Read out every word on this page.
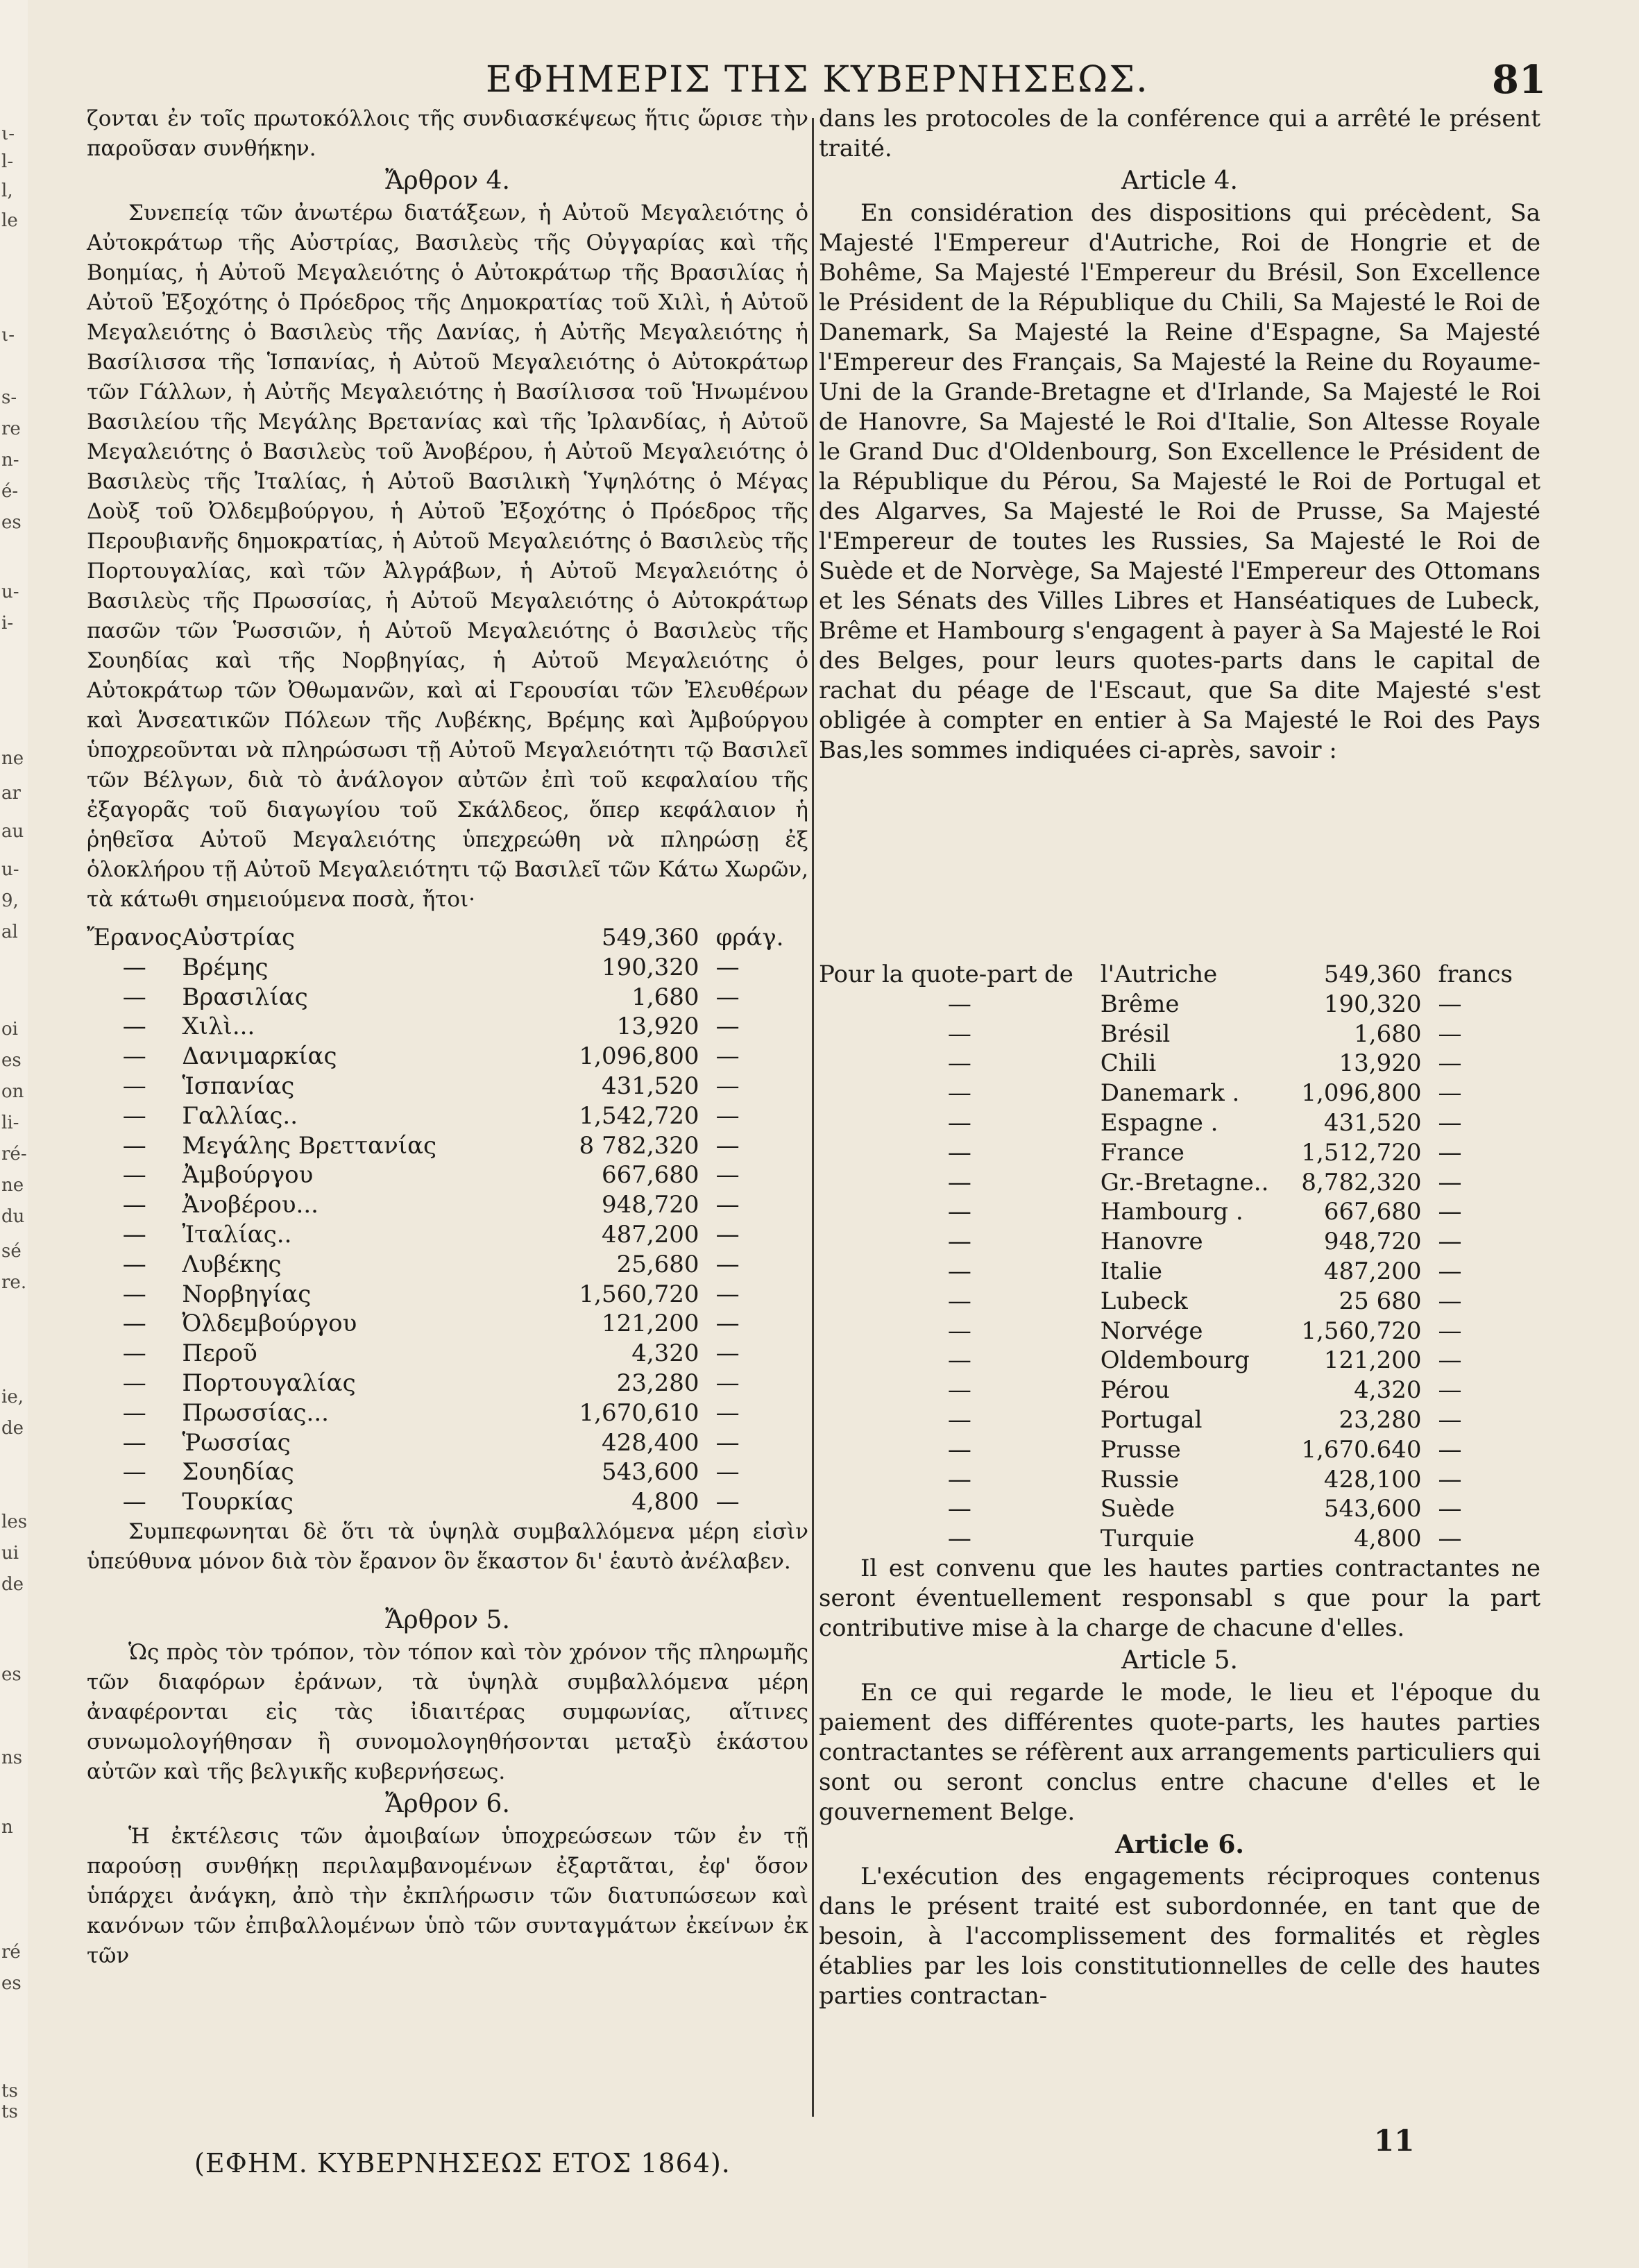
ι-
l-
l,
le
ι-
s-
re
n-
é-
es
u-
i-
ne
ar
au
u-
9,
al
oi
es
on
li-
ré-
ne
du
sé
re.
ie,
de
les
ui
de
es
ns
n
ré
es
ts
ts
ΕΦΗΜΕΡΙΣ ΤΗΣ ΚΥΒΕΡΝΗΣΕΩΣ.	81

ζονται ἐν τοῖς πρωτοκόλλοις τῆς συνδιασκέψεως ἥτις ὥρισε τὴν παροῦσαν συνθήκην.

Ἄρθρον 4.

Συνεπείᾳ τῶν ἀνωτέρω διατάξεων, ἡ Αὐτοῦ Μεγαλειότης ὁ Αὐτοκράτωρ τῆς Αὐστρίας, Βασιλεὺς τῆς Οὐγγαρίας καὶ τῆς Βοημίας, ἡ Αὐτοῦ Μεγαλειότης ὁ Αὐτοκράτωρ τῆς Βρασιλίας ἡ Αὐτοῦ Ἐξοχότης ὁ Πρόεδρος τῆς Δημοκρατίας τοῦ Χιλὶ, ἡ Αὐτοῦ Μεγαλειότης ὁ Βασιλεὺς τῆς Δανίας, ἡ Αὐτῆς Μεγαλειότης ἡ Βασίλισσα τῆς Ἱσπανίας, ἡ Αὐτοῦ Μεγαλειότης ὁ Αὐτοκράτωρ τῶν Γάλλων, ἡ Αὐτῆς Μεγαλειότης ἡ Βασίλισσα τοῦ Ἡνωμένου Βασιλείου τῆς Μεγάλης Βρετανίας καὶ τῆς Ἰρλανδίας, ἡ Αὐτοῦ Μεγαλειότης ὁ Βασιλεὺς τοῦ Ἀνοβέρου, ἡ Αὐτοῦ Μεγαλειότης ὁ Βασιλεὺς τῆς Ἰταλίας, ἡ Αὐτοῦ Βασιλικὴ Ὑψηλότης ὁ Μέγας Δοὺξ τοῦ Ὀλδεμβούργου, ἡ Αὐτοῦ Ἐξοχότης ὁ Πρόεδρος τῆς Περουβιανῆς δημοκρατίας, ἡ Αὐτοῦ Μεγαλειότης ὁ Βασιλεὺς τῆς Πορτουγαλίας, καὶ τῶν Ἀλγράβων, ἡ Αὐτοῦ Μεγαλειότης ὁ Βασιλεὺς τῆς Πρωσσίας, ἡ Αὐτοῦ Μεγαλειότης ὁ Αὐτοκράτωρ πασῶν τῶν Ῥωσσιῶν, ἡ Αὐτοῦ Μεγαλειότης ὁ Βασιλεὺς τῆς Σουηδίας καὶ τῆς Νορβηγίας, ἡ Αὐτοῦ Μεγαλειότης ὁ Αὐτοκράτωρ τῶν Ὀθωμανῶν, καὶ αἱ Γερουσίαι τῶν Ἐλευθέρων καὶ Ἁνσεατικῶν Πόλεων τῆς Λυβέκης, Βρέμης καὶ Ἀμβούργου ὑποχρεοῦνται νὰ πληρώσωσι τῇ Αὐτοῦ Μεγαλειότητι τῷ Βασιλεῖ τῶν Βέλγων, διὰ τὸ ἀνάλογον αὐτῶν ἐπὶ τοῦ κεφαλαίου τῆς ἐξαγορᾶς τοῦ διαγωγίου τοῦ Σκάλδεος, ὅπερ κεφάλαιον ἡ ῥηθεῖσα Αὐτοῦ Μεγαλειότης ὑπεχρεώθη νὰ πληρώσῃ ἐξ ὁλοκλήρου τῇ Αὐτοῦ Μεγαλειότητι τῷ Βασιλεῖ τῶν Κάτω Χωρῶν, τὰ κάτωθι σημειούμενα ποσὰ, ἤτοι·

Ἔρανος	Αὐστρίας	549,360	φράγ.
—	Βρέμης	190,320	—
—	Βρασιλίας	1,680	—
—	Χιλὶ...	13,920	—
—	Δανιμαρκίας	1,096,800	—
—	Ἱσπανίας	431,520	—
—	Γαλλίας..	1,542,720	—
—	Μεγάλης Βρεττανίας	8 782,320	—
—	Ἀμβούργου	667,680	—
—	Ἀνοβέρου...	948,720	—
—	Ἰταλίας..	487,200	—
—	Λυβέκης	25,680	—
—	Νορβηγίας	1,560,720	—
—	Ὀλδεμβούργου	121,200	—
—	Περοῦ	4,320	—
—	Πορτουγαλίας	23,280	—
—	Πρωσσίας...	1,670,610	—
—	Ῥωσσίας	428,400	—
—	Σουηδίας	543,600	—
—	Τουρκίας	4,800	—

Συμπεφωνηται δὲ ὅτι τὰ ὑψηλὰ συμβαλλόμενα μέρη εἰσὶν ὑπεύθυνα μόνον διὰ τὸν ἔρανον ὃν ἕκαστον δι' ἑαυτὸ ἀνέλαβεν.

Ἄρθρον 5.

Ὡς πρὸς τὸν τρόπον, τὸν τόπον καὶ τὸν χρόνον τῆς πληρωμῆς τῶν διαφόρων ἐράνων, τὰ ὑψηλὰ συμβαλλόμενα μέρη ἀναφέρονται εἰς τὰς ἰδιαιτέρας συμφωνίας, αἵτινες συνωμολογήθησαν ἢ συνομολογηθήσονται μεταξὺ ἑκάστου αὐτῶν καὶ τῆς βελγικῆς κυβερνήσεως.

Ἄρθρον 6.

Ἡ ἐκτέλεσις τῶν ἀμοιβαίων ὑποχρεώσεων τῶν ἐν τῇ παρούσῃ συνθήκῃ περιλαμβανομένων ἐξαρτᾶται, ἐφ' ὅσον ὑπάρχει ἀνάγκη, ἀπὸ τὴν ἐκπλήρωσιν τῶν διατυπώσεων καὶ κανόνων τῶν ἐπιβαλλομένων ὑπὸ τῶν συνταγμάτων ἐκείνων ἐκ τῶν

dans les protocoles de la conférence qui a arrêté le présent traité.

Article 4.

En considération des dispositions qui précèdent, Sa Majesté l'Empereur d'Autriche, Roi de Hongrie et de Bohême, Sa Majesté l'Empereur du Brésil, Son Excellence le Président de la République du Chili, Sa Majesté le Roi de Danemark, Sa Majesté la Reine d'Espagne, Sa Majesté l'Empereur des Français, Sa Majesté la Reine du Royaume-Uni de la Grande-Bretagne et d'Irlande, Sa Majesté le Roi de Hanovre, Sa Majesté le Roi d'Italie, Son Altesse Royale le Grand Duc d'Oldenbourg, Son Excellence le Président de la République du Pérou, Sa Majesté le Roi de Portugal et des Algarves, Sa Majesté le Roi de Prusse, Sa Majesté l'Empereur de toutes les Russies, Sa Majesté le Roi de Suède et de Norvège, Sa Majesté l'Empereur des Ottomans et les Sénats des Villes Libres et Hanséatiques de Lubeck, Brême et Hambourg s'engagent à payer à Sa Majesté le Roi des Belges, pour leurs quotes-parts dans le capital de rachat du péage de l'Escaut, que Sa dite Majesté s'est obligée à compter en entier à Sa Majesté le Roi des Pays Bas,les sommes indiquées ci-après, savoir :

Pour la quote-part de	l'Autriche	549,360	francs
—	Brême	190,320	—
—	Brésil	1,680	—
—	Chili	13,920	—
—	Danemark .	1,096,800	—
—	Espagne .	431,520	—
—	France	1,512,720	—
—	Gr.-Bretagne..	8,782,320	—
—	Hambourg .	667,680	—
—	Hanovre	948,720	—
—	Italie	487,200	—
—	Lubeck	25 680	—
—	Norvége	1,560,720	—
—	Oldembourg	121,200	—
—	Pérou	4,320	—
—	Portugal	23,280	—
—	Prusse	1,670.640	—
—	Russie	428,100	—
—	Suède	543,600	—
—	Turquie	4,800	—

Il est convenu que les hautes parties contractantes ne seront éventuellement responsabl s que pour la part contributive mise à la charge de chacune d'elles.

Article 5.

En ce qui regarde le mode, le lieu et l'époque du paiement des différentes quote-parts, les hautes parties contractantes se réfèrent aux arrangements particuliers qui sont ou seront conclus entre chacune d'elles et le gouvernement Belge.

Article 6.

L'exécution des engagements réciproques contenus dans le présent traité est subordonnée, en tant que de besoin, à l'accomplissement des formalités et règles établies par les lois constitutionnelles de celle des hautes parties contractan-

(ΕΦΗΜ. ΚΥΒΕΡΝΗΣΕΩΣ ΕΤΟΣ 1864).
11
